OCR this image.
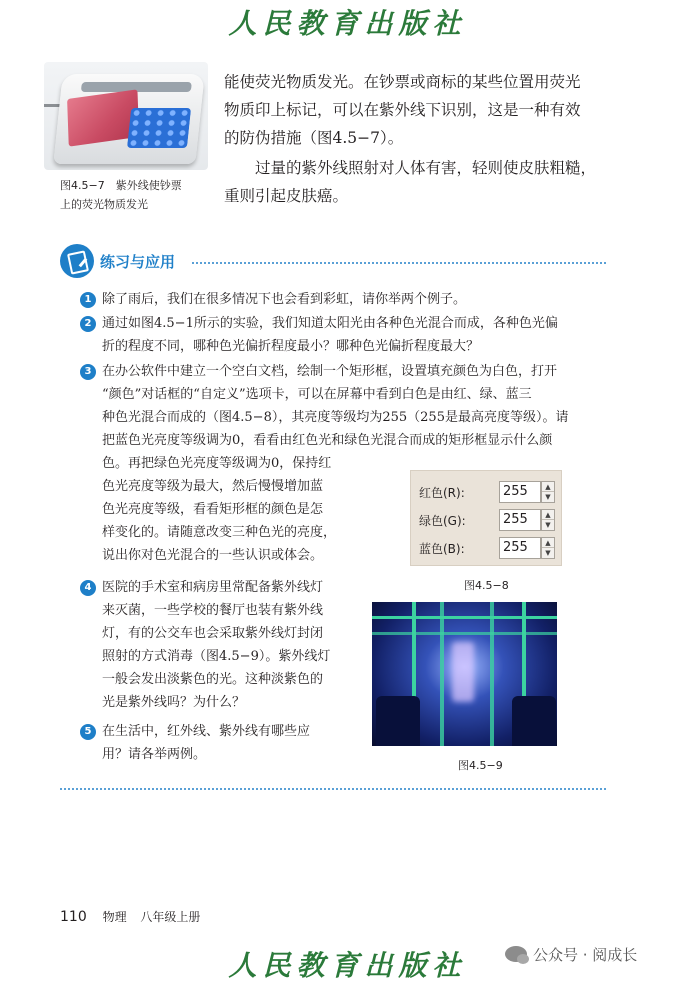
人民教育出版社
图4.5−7　紫外线使钞票
上的荧光物质发光
能使荧光物质发光。在钞票或商标的某些位置用荧光
物质印上标记，可以在紫外线下识别，这是一种有效
的防伪措施（图4.5−7）。
过量的紫外线照射对人体有害，轻则使皮肤粗糙，
重则引起皮肤癌。
练习与应用
1 除了雨后，我们在很多情况下也会看到彩虹，请你举两个例子。
2 通过如图4.5−1所示的实验，我们知道太阳光由各种色光混合而成，各种色光偏
折的程度不同，哪种色光偏折程度最小？哪种色光偏折程度最大？
3 在办公软件中建立一个空白文档，绘制一个矩形框，设置填充颜色为白色，打开
“颜色”对话框的“自定义”选项卡，可以在屏幕中看到白色是由红、绿、蓝三
种色光混合而成的（图4.5−8），其亮度等级均为255（255是最高亮度等级）。请
把蓝色光亮度等级调为0，看看由红色光和绿色光混合而成的矩形框显示什么颜
色。再把绿色光亮度等级调为0，保持红
色光亮度等级为最大，然后慢慢增加蓝
色光亮度等级，看看矩形框的颜色是怎
样变化的。请随意改变三种色光的亮度，
说出你对色光混合的一些认识或体会。
红色(R):	255	▲
▼
绿色(G):	255	▲
▼
蓝色(B):	255	▲
▼
图4.5−8
4 医院的手术室和病房里常配备紫外线灯
来灭菌，一些学校的餐厅也装有紫外线
灯，有的公交车也会采取紫外线灯封闭
照射的方式消毒（图4.5−9）。紫外线灯
一般会发出淡紫色的光。这种淡紫色的
光是紫外线吗？为什么？
5 在生活中，红外线、紫外线有哪些应
用？请各举两例。
图4.5−9
110 物理 八年级上册
人民教育出版社	公众号 · 阅成长
